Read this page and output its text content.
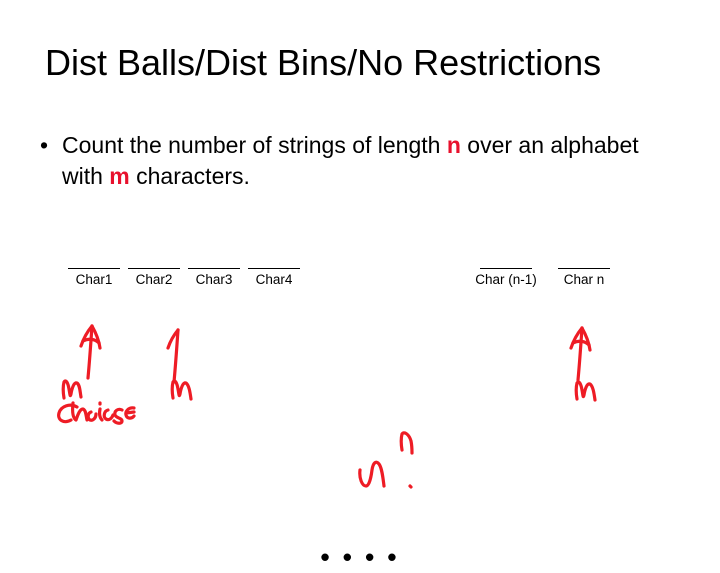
Dist Balls/Dist Bins/No Restrictions
• Count the number of strings of length n over an alphabet with m characters.
Char1	Char2	Char3	Char4	Char (n-1)	Char n
• • • •
